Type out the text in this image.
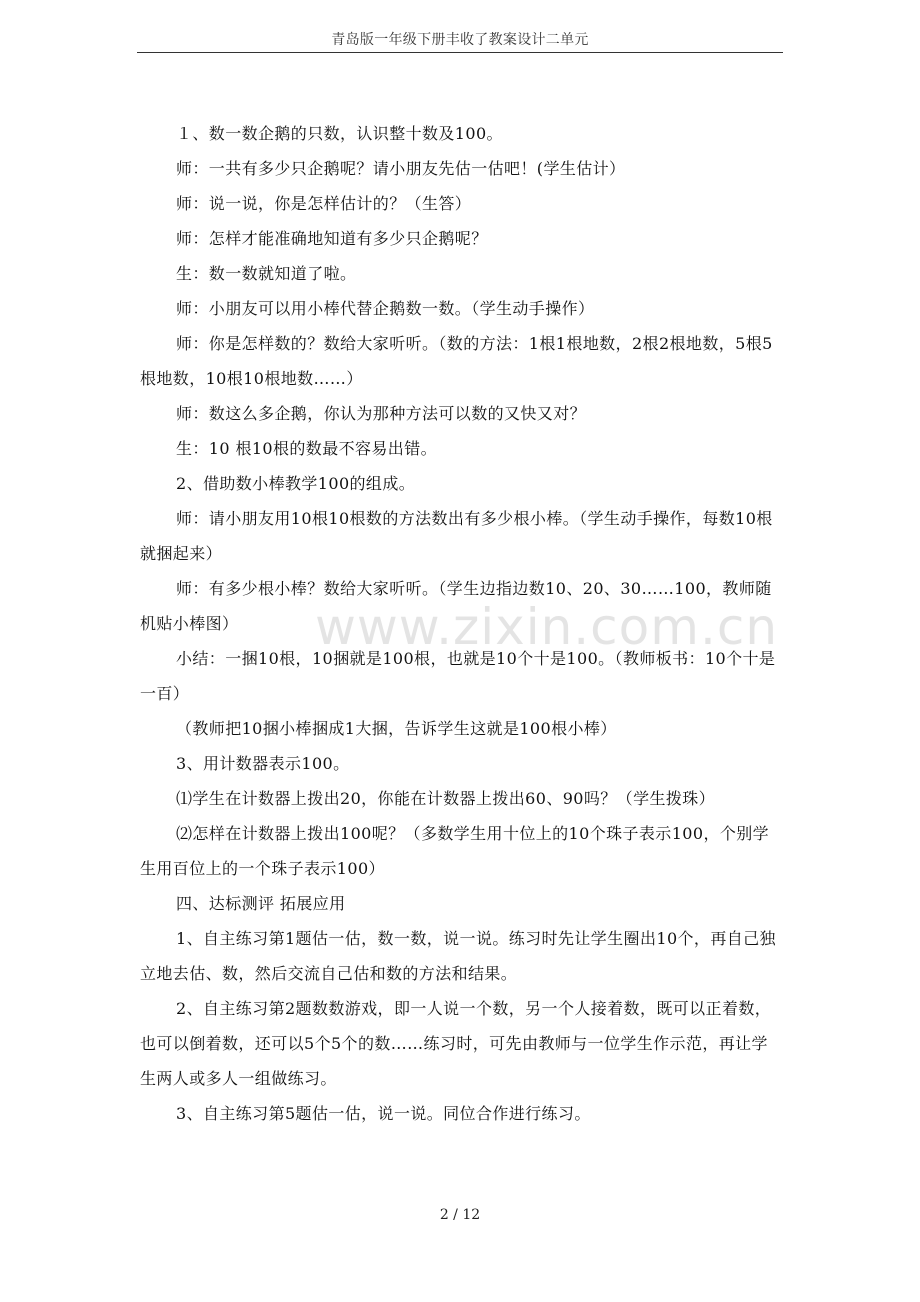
青岛版一年级下册丰收了教案设计二单元

１、数一数企鹅的只数，认识整十数及100。

师：一共有多少只企鹅呢？请小朋友先估一估吧！(学生估计）

师：说一说，你是怎样估计的？（生答）

师：怎样才能准确地知道有多少只企鹅呢？

生：数一数就知道了啦。

师：小朋友可以用小棒代替企鹅数一数。（学生动手操作）

师：你是怎样数的？数给大家听听。（数的方法：1根1根地数，2根2根地数，5根5 根地数，10根10根地数……）

师：数这么多企鹅，你认为那种方法可以数的又快又对？

生：10 根10根的数最不容易出错。

2、借助数小棒教学100的组成。

师：请小朋友用10根10根数的方法数出有多少根小棒。（学生动手操作，每数10根就捆起来）

师：有多少根小棒？数给大家听听。（学生边指边数10、20、30……100，教师随机贴小棒图）

小结：一捆10根，10捆就是100根，也就是10个十是100。（教师板书：10个十是一百）

（教师把10捆小棒捆成1大捆，告诉学生这就是100根小棒）

3、用计数器表示100。

⑴学生在计数器上拨出20，你能在计数器上拨出60、90吗？（学生拨珠）

⑵怎样在计数器上拨出100呢？（多数学生用十位上的10个珠子表示100，个别学生用百位上的一个珠子表示100）

四、达标测评 拓展应用

1、自主练习第1题估一估，数一数，说一说。练习时先让学生圈出10个，再自己独立地去估、数，然后交流自己估和数的方法和结果。

2、自主练习第2题数数游戏，即一人说一个数，另一个人接着数，既可以正着数，也可以倒着数，还可以5个5个的数……练习时，可先由教师与一位学生作示范，再让学生两人或多人一组做练习。

3、自主练习第5题估一估，说一说。同位合作进行练习。

www.zixin.com.cn
2 / 12
